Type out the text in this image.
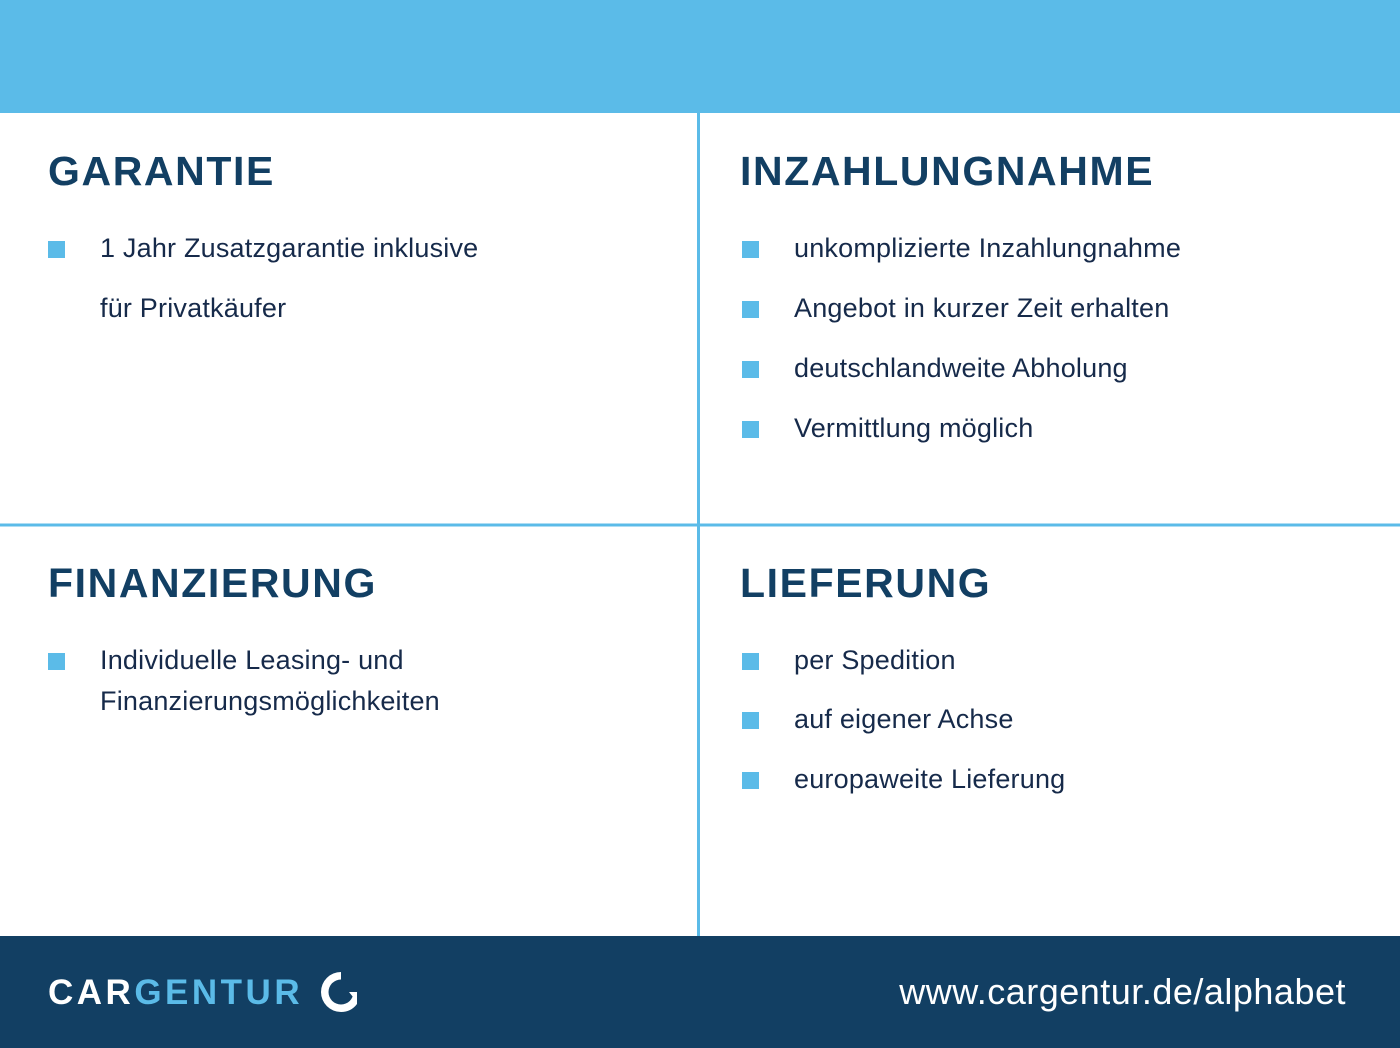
GARANTIE
1 Jahr Zusatzgarantie inklusive
für Privatkäufer
INZAHLUNGNAHME
unkomplizierte Inzahlungnahme
Angebot in kurzer Zeit erhalten
deutschlandweite Abholung
Vermittlung möglich
FINANZIERUNG
Individuelle Leasing- und Finanzierungsmöglichkeiten
LIEFERUNG
per Spedition
auf eigener Achse
europaweite Lieferung
CARGENTUR	www.cargentur.de/alphabet
